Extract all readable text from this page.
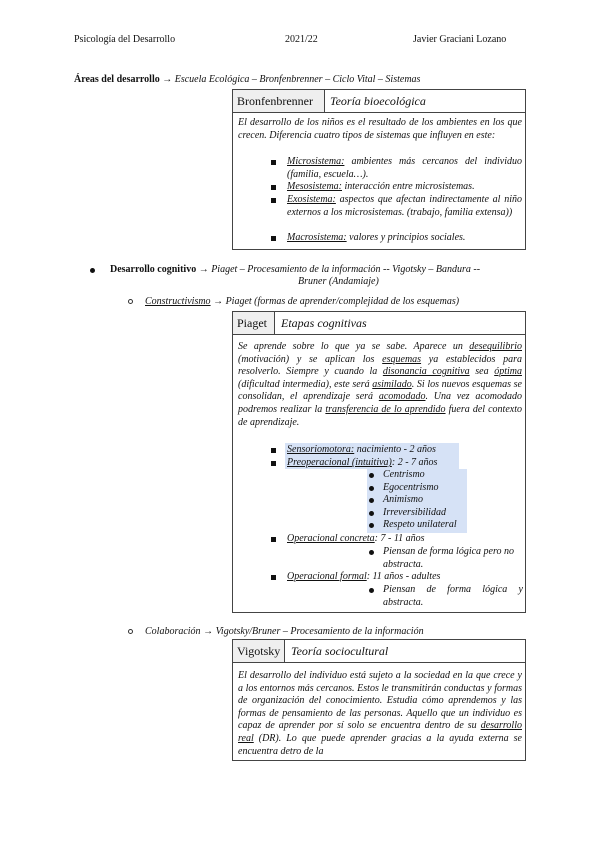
Psicología del Desarrollo	2021/22	Javier Graciani Lozano
Áreas del desarrollo → Escuela Ecológica – Bronfenbrenner – Ciclo Vital – Sistemas
Bronfenbrenner	Teoría bioecológica
El desarrollo de los niños es el resultado de los ambientes en los que crecen. Diferencia cuatro tipos de sistemas que influyen en este:
Microsistema: ambientes más cercanos del individuo (familia, escuela…).
Mesosistema: interacción entre microsistemas.
Exosistema: aspectos que afectan indirectamente al niño externos a los microsistemas. (trabajo, familia extensa))
Macrosistema: valores y principios sociales.
Desarrollo cognitivo → Piaget – Procesamiento de la información -- Vigotsky – Bandura --
Bruner (Andamiaje)
Constructivismo → Piaget (formas de aprender/complejidad de los esquemas)
Piaget	Etapas cognitivas
Se aprende sobre lo que ya se sabe. Aparece un desequilibrio (motivación) y se aplican los esquemas ya establecidos para resolverlo. Siempre y cuando la disonancia cognitiva sea óptima (dificultad intermedia), este será asimilado. Si los nuevos esquemas se consolidan, el aprendizaje será acomodado. Una vez acomodado podremos realizar la transferencia de lo aprendido fuera del contexto de aprendizaje.
Sensoriomotora: nacimiento - 2 años
Preoperacional (intuitiva): 2 - 7 años
Centrismo
Egocentrismo
Animismo
Irreversibilidad
Respeto unilateral
Operacional concreta: 7 - 11 años
Piensan de forma lógica pero no abstracta.
Operacional formal: 11 años - adultes
Piensan de forma lógica y abstracta.
Colaboración → Vigotsky/Bruner – Procesamiento de la información
Vigotsky Teoría sociocultural
El desarrollo del individuo está sujeto a la sociedad en la que crece y a los entornos más cercanos. Estos le transmitirán conductas y formas de organización del conocimiento. Estudia cómo aprendemos y las formas de pensamiento de las personas. Aquello que un individuo es capaz de aprender por sí solo se encuentra dentro de su desarrollo real (DR). Lo que puede aprender gracias a la ayuda externa se encuentra detro de la
